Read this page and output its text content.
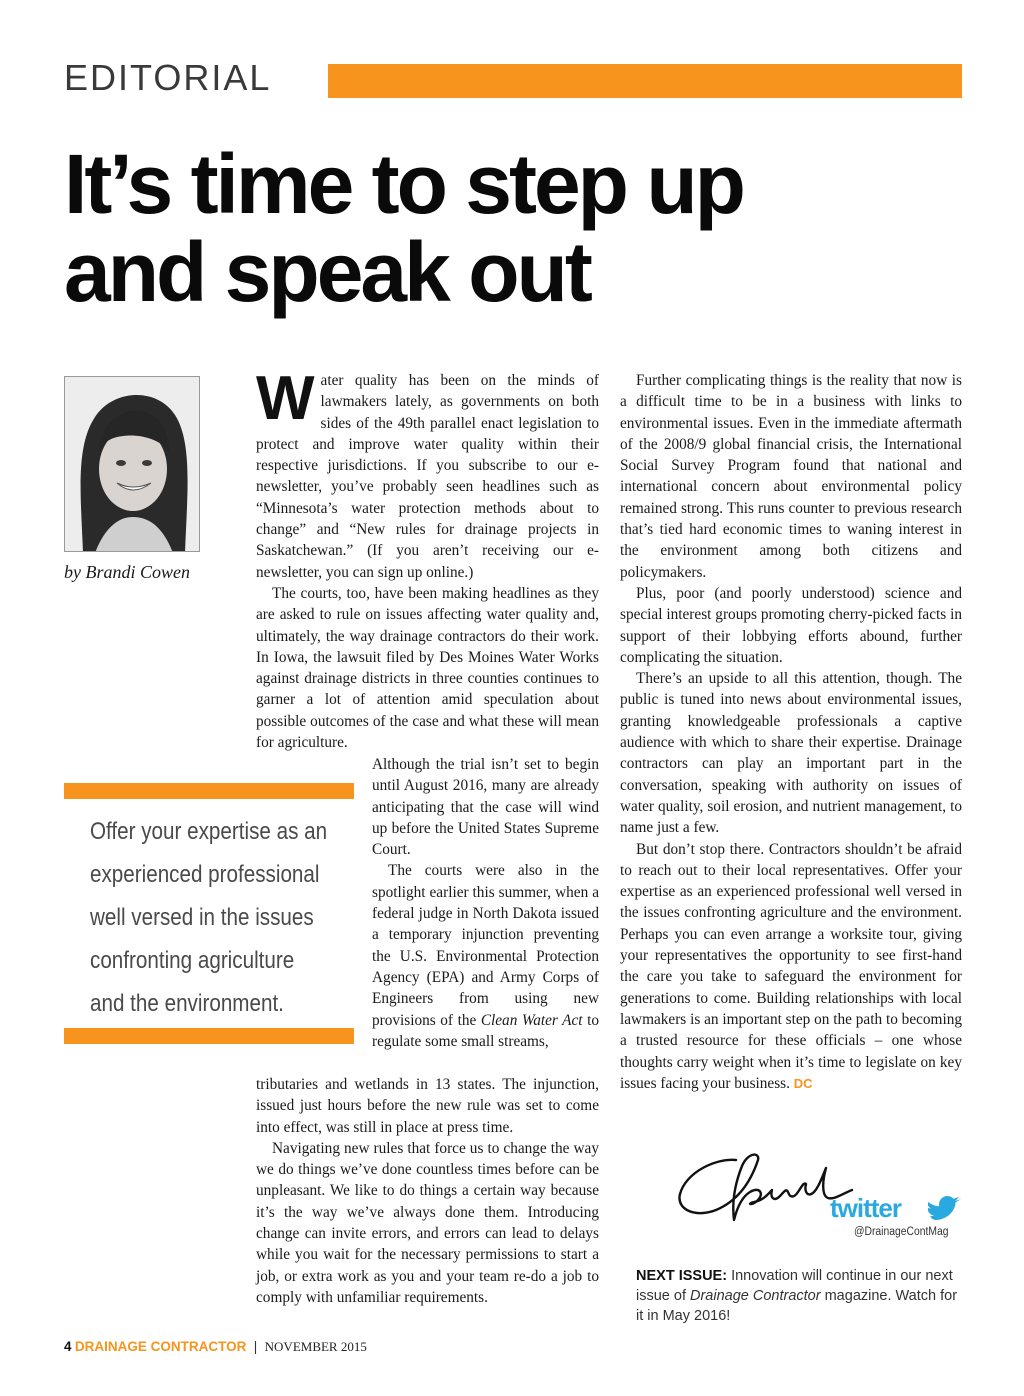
EDITORIAL
It’s time to step up
and speak out
by Brandi Cowen

Water quality has been on the minds of lawmakers lately, as governments on both sides of the 49th parallel enact legislation to protect and improve water quality within their respective jurisdictions. If you subscribe to our e-newsletter, you’ve probably seen headlines such as “Minnesota’s water protection methods about to change” and “New rules for drainage projects in Saskatchewan.” (If you aren’t receiving our e-newsletter, you can sign up online.)

The courts, too, have been making headlines as they are asked to rule on issues affecting water quality and, ultimately, the way drainage contractors do their work. In Iowa, the lawsuit filed by Des Moines Water Works against drainage districts in three counties continues to garner a lot of attention amid speculation about possible outcomes of the case and what these will mean for agriculture.

Although the trial isn’t set to begin until August 2016, many are already anticipating that the case will wind up before the United States Supreme Court.

The courts were also in the spotlight earlier this summer, when a federal judge in North Dakota issued a temporary injunction preventing the U.S. Environmental Protection Agency (EPA) and Army Corps of Engineers from using new provisions of the Clean Water Act to regulate some small streams,

tributaries and wetlands in 13 states. The injunction, issued just hours before the new rule was set to come into effect, was still in place at press time.

Navigating new rules that force us to change the way we do things we’ve done countless times before can be unpleasant. We like to do things a certain way because it’s the way we’ve always done them. Introducing change can invite errors, and errors can lead to delays while you wait for the necessary permissions to start a job, or extra work as you and your team re-do a job to comply with unfamiliar requirements.

Further complicating things is the reality that now is a difficult time to be in a business with links to environmental issues. Even in the immediate aftermath of the 2008/9 global financial crisis, the International Social Survey Program found that national and international concern about environmental policy remained strong. This runs counter to previous research that’s tied hard economic times to waning interest in the environment among both citizens and policymakers.

Plus, poor (and poorly understood) science and special interest groups promoting cherry-picked facts in support of their lobbying efforts abound, further complicating the situation.

There’s an upside to all this attention, though. The public is tuned into news about environmental issues, granting knowledgeable professionals a captive audience with which to share their expertise. Drainage contractors can play an important part in the conversation, speaking with authority on issues of water quality, soil erosion, and nutrient management, to name just a few.

But don’t stop there. Contractors shouldn’t be afraid to reach out to their local representatives. Offer your expertise as an experienced professional well versed in the issues confronting agriculture and the environment. Perhaps you can even arrange a worksite tour, giving your representatives the opportunity to see first-hand the care you take to safeguard the environment for generations to come. Building relationships with local lawmakers is an important step on the path to becoming a trusted resource for these officials – one whose thoughts carry weight when it’s time to legislate on key issues facing your business. DC

Offer your expertise as an
experienced professional
well versed in the issues
confronting agriculture
and the environment.
twitter
@DrainageContMag
NEXT ISSUE: Innovation will continue in our next issue of Drainage Contractor magazine. Watch for it in May 2016!
4 DRAINAGE CONTRACTOR | NOVEMBER 2015
